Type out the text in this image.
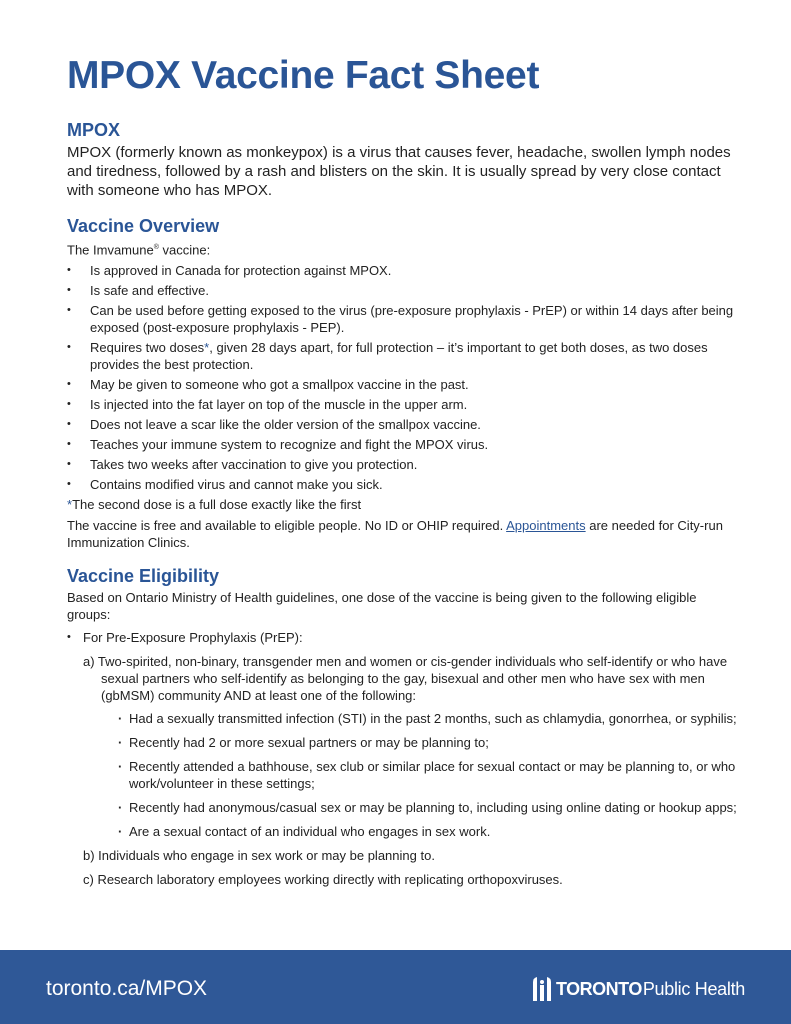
MPOX Vaccine Fact Sheet
MPOX

MPOX (formerly known as monkeypox) is a virus that causes fever, headache, swollen lymph nodes and tiredness, followed by a rash and blisters on the skin. It is usually spread by very close contact with someone who has MPOX.

Vaccine Overview
The Imvamune® vaccine:
• Is approved in Canada for protection against MPOX.
• Is safe and effective.
• Can be used before getting exposed to the virus (pre-exposure prophylaxis - PrEP) or within 14 days after being exposed (post-exposure prophylaxis - PEP).
• Requires two doses*, given 28 days apart, for full protection – it’s important to get both doses, as two doses provides the best protection.
• May be given to someone who got a smallpox vaccine in the past.
• Is injected into the fat layer on top of the muscle in the upper arm.
• Does not leave a scar like the older version of the smallpox vaccine.
• Teaches your immune system to recognize and fight the MPOX virus.
• Takes two weeks after vaccination to give you protection.
• Contains modified virus and cannot make you sick.
*The second dose is a full dose exactly like the first
The vaccine is free and available to eligible people. No ID or OHIP required. Appointments are needed for City-run Immunization Clinics.
Vaccine Eligibility
Based on Ontario Ministry of Health guidelines, one dose of the vaccine is being given to the following eligible groups:
• For Pre-Exposure Prophylaxis (PrEP):
a) Two-spirited, non-binary, transgender men and women or cis-gender individuals who self-identify or who have sexual partners who self-identify as belonging to the gay, bisexual and other men who have sex with men (gbMSM) community AND at least one of the following:
· Had a sexually transmitted infection (STI) in the past 2 months, such as chlamydia, gonorrhea, or syphilis;
· Recently had 2 or more sexual partners or may be planning to;
· Recently attended a bathhouse, sex club or similar place for sexual contact or may be planning to, or who work/volunteer in these settings;
· Recently had anonymous/casual sex or may be planning to, including using online dating or hookup apps;
· Are a sexual contact of an individual who engages in sex work.
b) Individuals who engage in sex work or may be planning to.
c) Research laboratory employees working directly with replicating orthopoxviruses.
toronto.ca/MPOX	TORONTO Public Health
